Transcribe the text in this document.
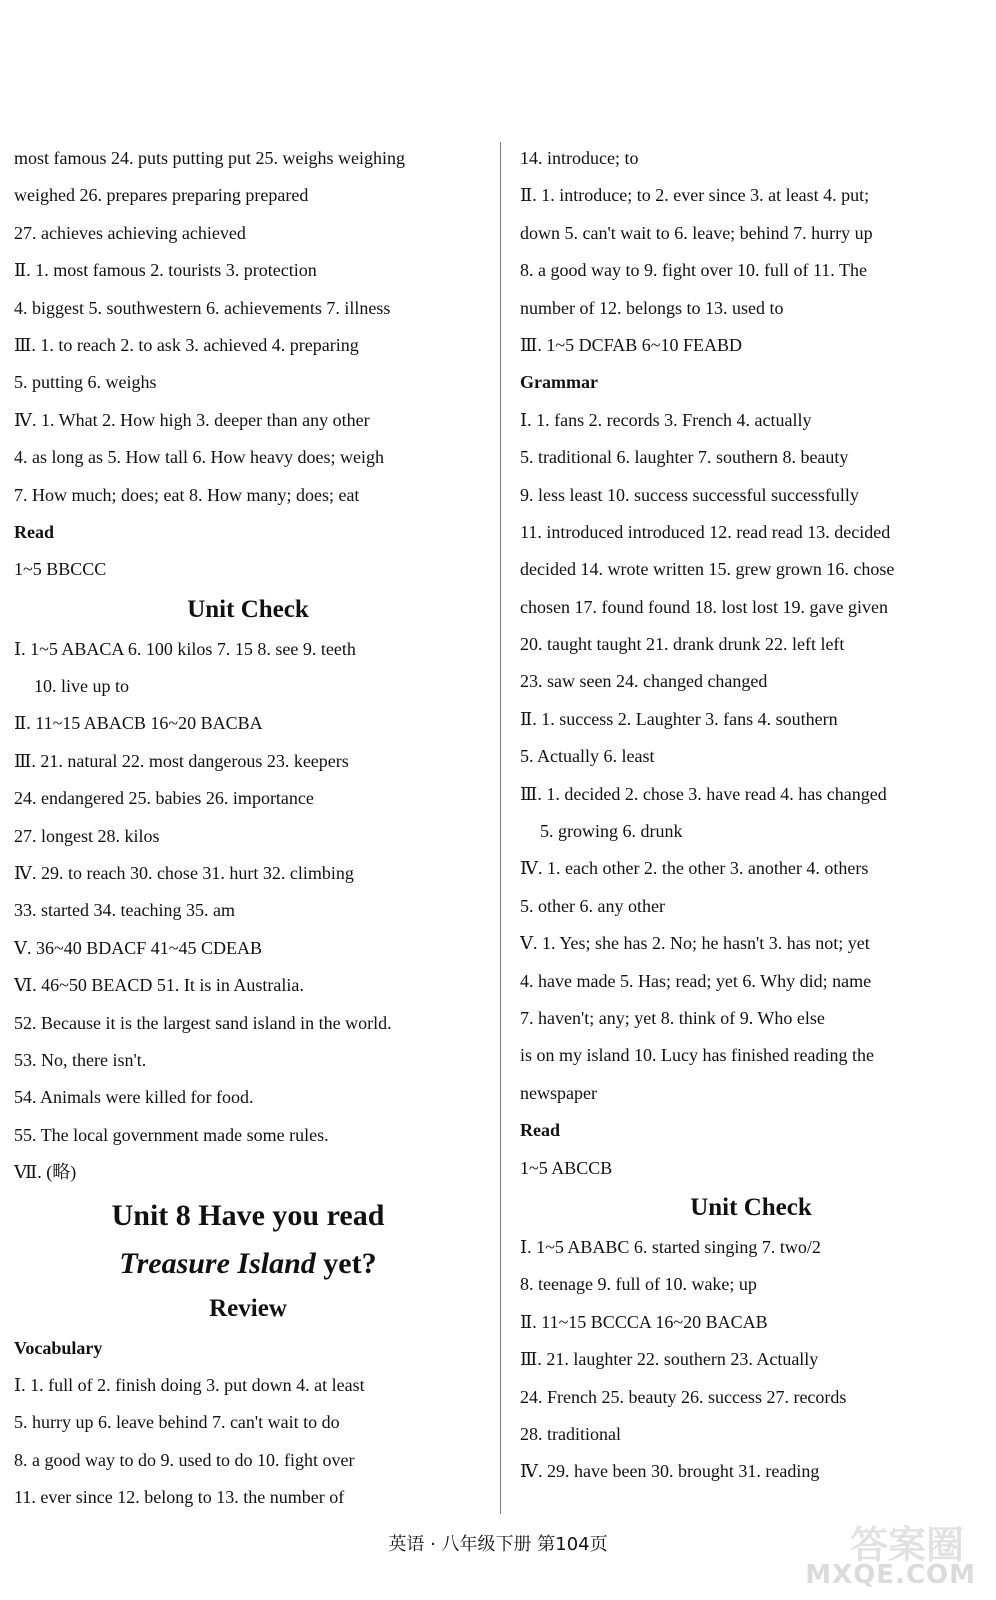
most famous 24. puts putting put 25. weighs weighing
weighed 26. prepares preparing prepared
27. achieves achieving achieved
Ⅱ. 1. most famous 2. tourists 3. protection
4. biggest 5. southwestern 6. achievements 7. illness
Ⅲ. 1. to reach 2. to ask 3. achieved 4. preparing
5. putting 6. weighs
Ⅳ. 1. What 2. How high 3. deeper than any other
4. as long as 5. How tall 6. How heavy does; weigh
7. How much; does; eat 8. How many; does; eat
Read
1~5 BBCCC
Unit Check
Ⅰ. 1~5 ABACA 6. 100 kilos 7. 15 8. see 9. teeth
10. live up to
Ⅱ. 11~15 ABACB 16~20 BACBA
Ⅲ. 21. natural 22. most dangerous 23. keepers
24. endangered 25. babies 26. importance
27. longest 28. kilos
Ⅳ. 29. to reach 30. chose 31. hurt 32. climbing
33. started 34. teaching 35. am
Ⅴ. 36~40 BDACF 41~45 CDEAB
Ⅵ. 46~50 BEACD 51. It is in Australia.
52. Because it is the largest sand island in the world.
53. No, there isn't.
54. Animals were killed for food.
55. The local government made some rules.
Ⅶ. (略)
Unit 8 Have you read
Treasure Island yet?
Review
Vocabulary
Ⅰ. 1. full of 2. finish doing 3. put down 4. at least
5. hurry up 6. leave behind 7. can't wait to do
8. a good way to do 9. used to do 10. fight over
11. ever since 12. belong to 13. the number of
14. introduce; to
Ⅱ. 1. introduce; to 2. ever since 3. at least 4. put;
down 5. can't wait to 6. leave; behind 7. hurry up
8. a good way to 9. fight over 10. full of 11. The
number of 12. belongs to 13. used to
Ⅲ. 1~5 DCFAB 6~10 FEABD
Grammar
Ⅰ. 1. fans 2. records 3. French 4. actually
5. traditional 6. laughter 7. southern 8. beauty
9. less least 10. success successful successfully
11. introduced introduced 12. read read 13. decided
decided 14. wrote written 15. grew grown 16. chose
chosen 17. found found 18. lost lost 19. gave given
20. taught taught 21. drank drunk 22. left left
23. saw seen 24. changed changed
Ⅱ. 1. success 2. Laughter 3. fans 4. southern
5. Actually 6. least
Ⅲ. 1. decided 2. chose 3. have read 4. has changed
5. growing 6. drunk
Ⅳ. 1. each other 2. the other 3. another 4. others
5. other 6. any other
Ⅴ. 1. Yes; she has 2. No; he hasn't 3. has not; yet
4. have made 5. Has; read; yet 6. Why did; name
7. haven't; any; yet 8. think of 9. Who else
is on my island 10. Lucy has finished reading the
newspaper
Read
1~5 ABCCB
Unit Check
Ⅰ. 1~5 ABABC 6. started singing 7. two/2
8. teenage 9. full of 10. wake; up
Ⅱ. 11~15 BCCCA 16~20 BACAB
Ⅲ. 21. laughter 22. southern 23. Actually
24. French 25. beauty 26. success 27. records
28. traditional
Ⅳ. 29. have been 30. brought 31. reading
英语 · 八年级下册 第104页	答案圈
MXQE.COM
